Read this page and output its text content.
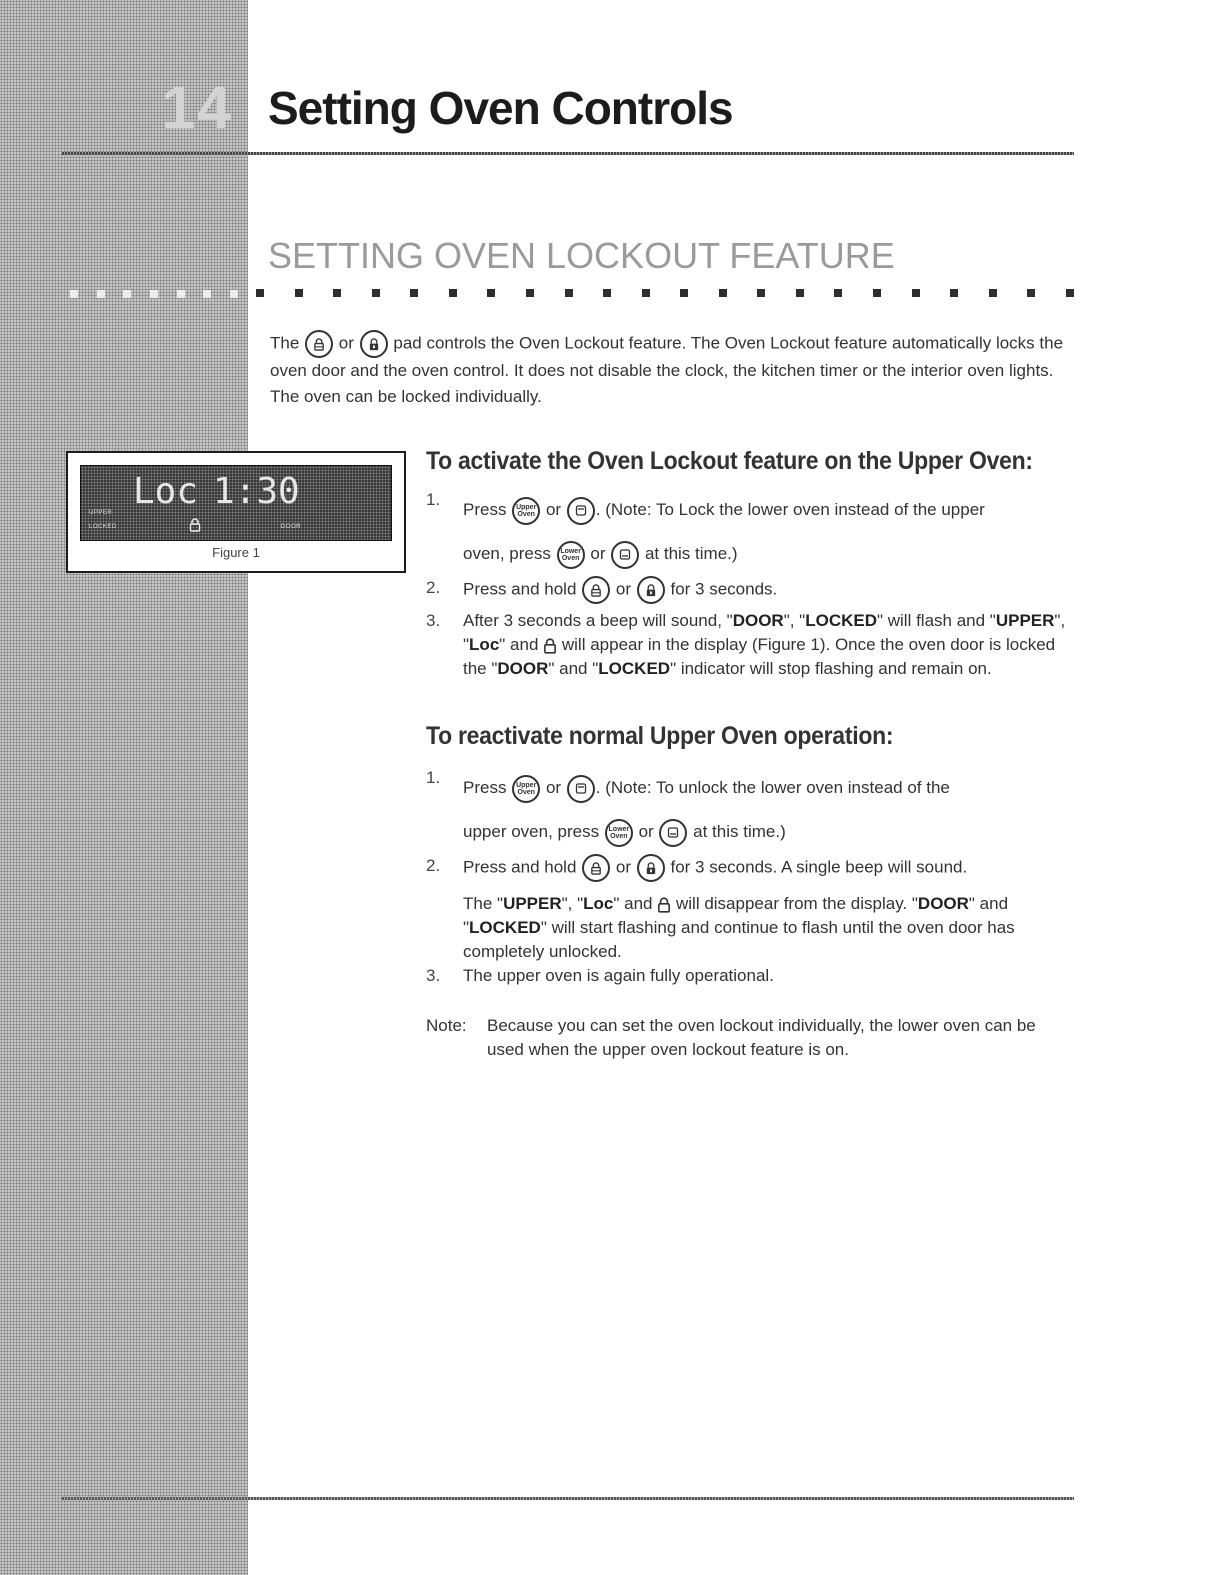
14 Setting Oven Controls
SETTING OVEN LOCKOUT FEATURE

The or pad controls the Oven Lockout feature. The Oven Lockout feature automatically locks the oven door and the oven control. It does not disable the clock, the kitchen timer or the interior oven lights. The oven can be locked individually.

Loc 1:30
UPPER
LOCKED	DOOR
Figure 1
To activate the Oven Lockout feature on the Upper Oven:
1.
Press Upper
Oven or . (Note: To Lock the lower oven instead of the upper
oven, press Lower
Oven or at this time.)
2.	Press and hold or for 3 seconds.
3.	After 3 seconds a beep will sound, "DOOR", "LOCKED" will flash and "UPPER", "Loc" and will appear in the display (Figure 1). Once the oven door is locked the "DOOR" and "LOCKED" indicator will stop flashing and remain on.
To reactivate normal Upper Oven operation:
1.
Press Upper
Oven or . (Note: To unlock the lower oven instead of the
upper oven, press Lower
Oven or at this time.)
2.	Press and hold or for 3 seconds. A single beep will sound.
The "UPPER", "Loc" and will disappear from the display. "DOOR" and "LOCKED" will start flashing and continue to flash until the oven door has completely unlocked.
3.	The upper oven is again fully operational.
Note: Because you can set the oven lockout individually, the lower oven can be used when the upper oven lockout feature is on.
